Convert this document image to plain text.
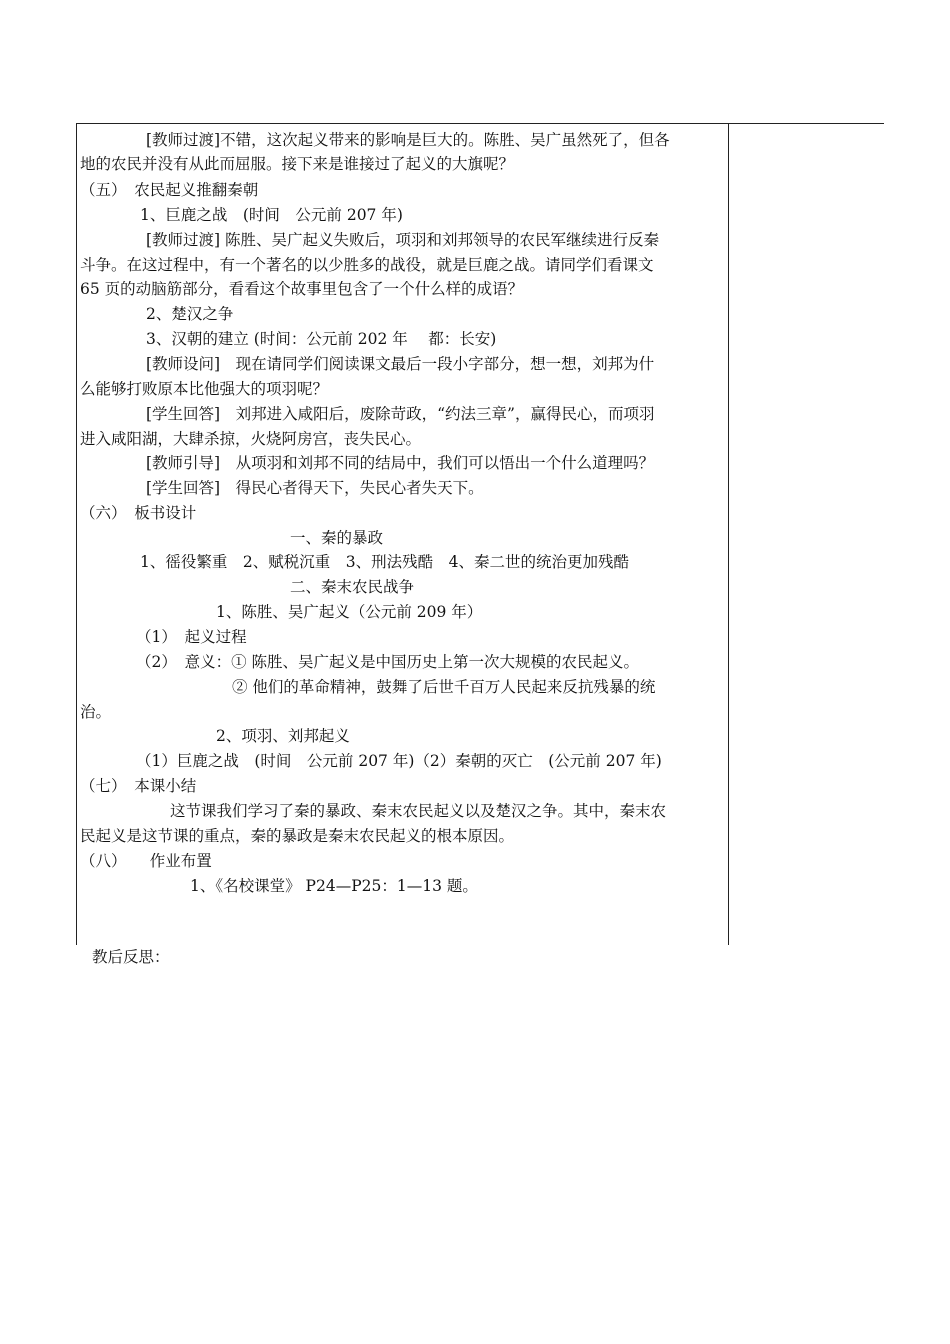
[教师过渡]不错，这次起义带来的影响是巨大的。陈胜、吴广虽然死了，但各
地的农民并没有从此而屈服。接下来是谁接过了起义的大旗呢？
（五）　农民起义推翻秦朝
1、巨鹿之战　(时间　公元前 207 年)
[教师过渡] 陈胜、吴广起义失败后，项羽和刘邦领导的农民军继续进行反秦
斗争。在这过程中，有一个著名的以少胜多的战役，就是巨鹿之战。请同学们看课文
65 页的动脑筋部分，看看这个故事里包含了一个什么样的成语？
2、楚汉之争
3、汉朝的建立 (时间：公元前 202 年　 都：长安)
[教师设问]　现在请同学们阅读课文最后一段小字部分，想一想，刘邦为什
么能够打败原本比他强大的项羽呢？
[学生回答]　刘邦进入咸阳后，废除苛政，“约法三章”，赢得民心，而项羽
进入咸阳湖，大肆杀掠，火烧阿房宫，丧失民心。
[教师引导]　从项羽和刘邦不同的结局中，我们可以悟出一个什么道理吗？
[学生回答]　得民心者得天下，失民心者失天下。
（六）　板书设计
一、秦的暴政
1、徭役繁重　2、赋税沉重　3、刑法残酷　4、秦二世的统治更加残酷
二、秦末农民战争
1、陈胜、吴广起义（公元前 209 年）
（1）　起义过程
（2）　意义：① 陈胜、吴广起义是中国历史上第一次大规模的农民起义。
② 他们的革命精神，鼓舞了后世千百万人民起来反抗残暴的统
治。
2、项羽、刘邦起义
（1）巨鹿之战　(时间　公元前 207 年)（2）秦朝的灭亡　(公元前 207 年)
（七）　本课小结
这节课我们学习了秦的暴政、秦末农民起义以及楚汉之争。其中，秦末农
民起义是这节课的重点，秦的暴政是秦末农民起义的根本原因。
（八）　　作业布置
1、《名校课堂》 P24—P25：1—13 题。
教后反思：
